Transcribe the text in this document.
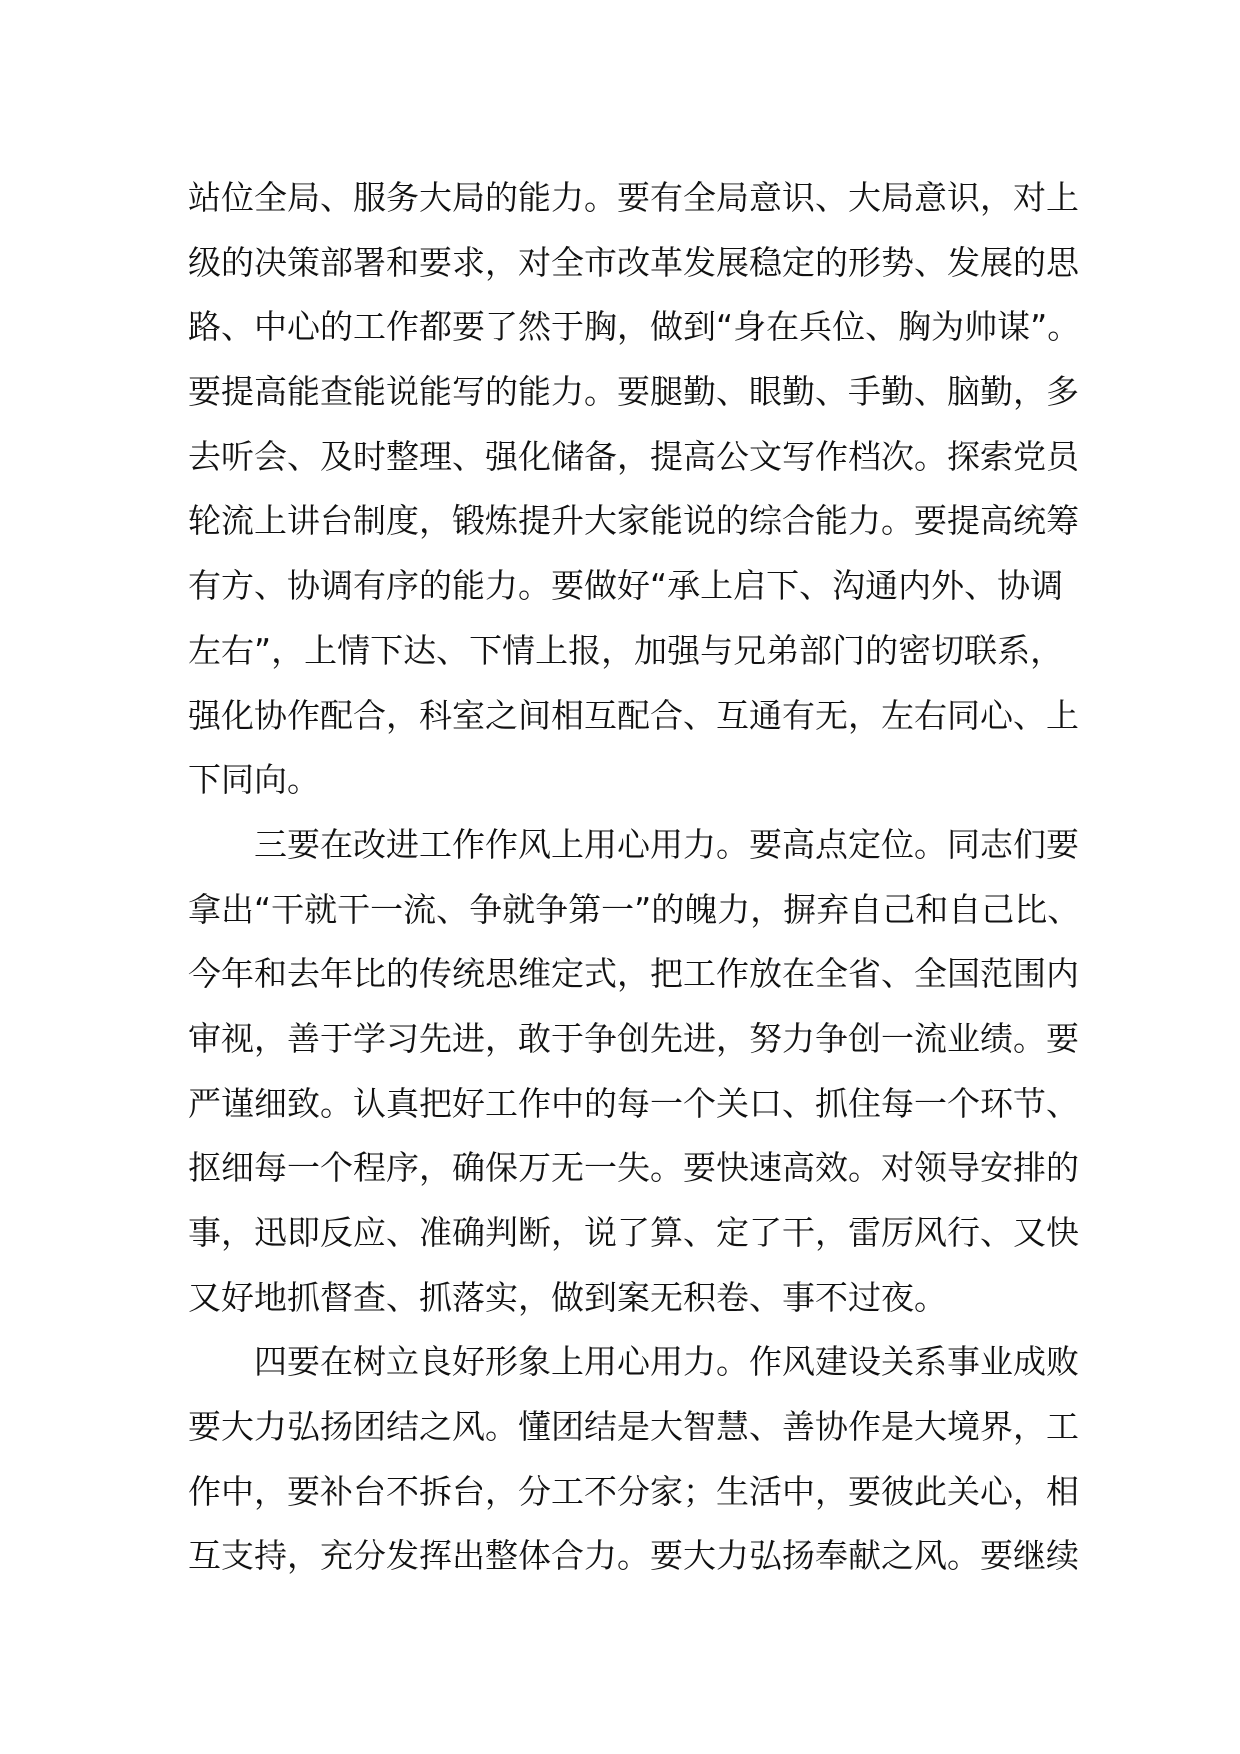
站位全局、服务大局的能力。要有全局意识、大局意识，对上
级的决策部署和要求，对全市改革发展稳定的形势、发展的思
路、中心的工作都要了然于胸，做到“身在兵位、胸为帅谋”。
要提高能查能说能写的能力。要腿勤、眼勤、手勤、脑勤，多
去听会、及时整理、强化储备，提高公文写作档次。探索党员
轮流上讲台制度，锻炼提升大家能说的综合能力。要提高统筹
有方、协调有序的能力。要做好“承上启下、沟通内外、协调
左右”，上情下达、下情上报，加强与兄弟部门的密切联系，
强化协作配合，科室之间相互配合、互通有无，左右同心、上
下同向。
三要在改进工作作风上用心用力。要高点定位。同志们要
拿出“干就干一流、争就争第一”的魄力，摒弃自己和自己比、
今年和去年比的传统思维定式，把工作放在全省、全国范围内
审视，善于学习先进，敢于争创先进，努力争创一流业绩。要
严谨细致。认真把好工作中的每一个关口、抓住每一个环节、
抠细每一个程序，确保万无一失。要快速高效。对领导安排的
事，迅即反应、准确判断，说了算、定了干，雷厉风行、又快
又好地抓督查、抓落实，做到案无积卷、事不过夜。
四要在树立良好形象上用心用力。作风建设关系事业成败
要大力弘扬团结之风。懂团结是大智慧、善协作是大境界，工
作中，要补台不拆台，分工不分家；生活中，要彼此关心，相
互支持，充分发挥出整体合力。要大力弘扬奉献之风。要继续
